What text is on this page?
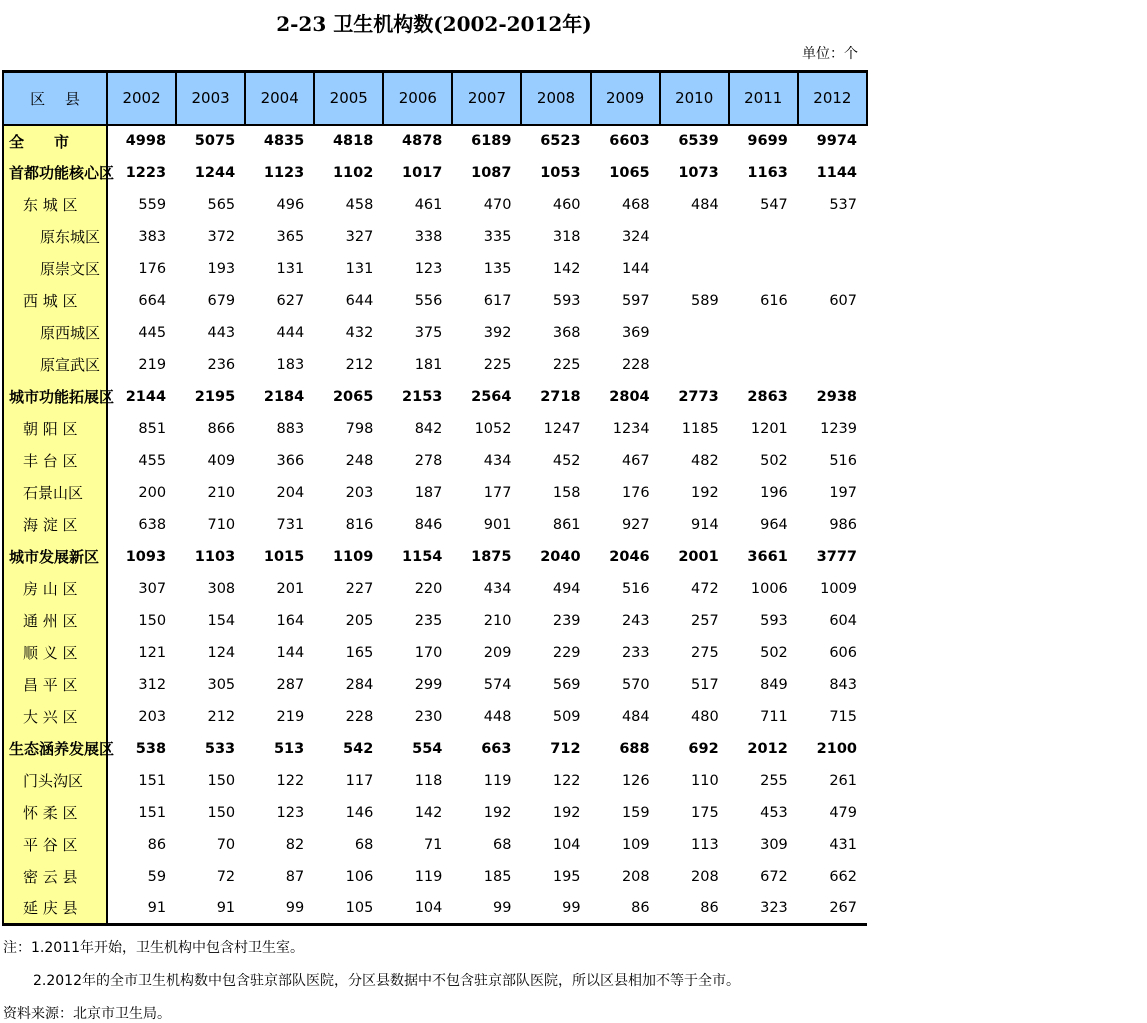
2-23 卫生机构数(2002-2012年)
单位：个
区　 县	2002	2003	2004	2005	2006	2007	2008	2009	2010	2011	2012
全　　市	4998	5075	4835	4818	4878	6189	6523	6603	6539	9699	9974
首都功能核心区	1223	1244	1123	1102	1017	1087	1053	1065	1073	1163	1144
东 城 区	559	565	496	458	461	470	460	468	484	547	537
原东城区	383	372	365	327	338	335	318	324			
原崇文区	176	193	131	131	123	135	142	144			
西 城 区	664	679	627	644	556	617	593	597	589	616	607
原西城区	445	443	444	432	375	392	368	369			
原宣武区	219	236	183	212	181	225	225	228			
城市功能拓展区	2144	2195	2184	2065	2153	2564	2718	2804	2773	2863	2938
朝 阳 区	851	866	883	798	842	1052	1247	1234	1185	1201	1239
丰 台 区	455	409	366	248	278	434	452	467	482	502	516
石景山区	200	210	204	203	187	177	158	176	192	196	197
海 淀 区	638	710	731	816	846	901	861	927	914	964	986
城市发展新区	1093	1103	1015	1109	1154	1875	2040	2046	2001	3661	3777
房 山 区	307	308	201	227	220	434	494	516	472	1006	1009
通 州 区	150	154	164	205	235	210	239	243	257	593	604
顺 义 区	121	124	144	165	170	209	229	233	275	502	606
昌 平 区	312	305	287	284	299	574	569	570	517	849	843
大 兴 区	203	212	219	228	230	448	509	484	480	711	715
生态涵养发展区	538	533	513	542	554	663	712	688	692	2012	2100
门头沟区	151	150	122	117	118	119	122	126	110	255	261
怀 柔 区	151	150	123	146	142	192	192	159	175	453	479
平 谷 区	86	70	82	68	71	68	104	109	113	309	431
密 云 县	59	72	87	106	119	185	195	208	208	672	662
延 庆 县	91	91	99	105	104	99	99	86	86	323	267
注：1.2011年开始，卫生机构中包含村卫生室。
2.2012年的全市卫生机构数中包含驻京部队医院，分区县数据中不包含驻京部队医院，所以区县相加不等于全市。
资料来源：北京市卫生局。
